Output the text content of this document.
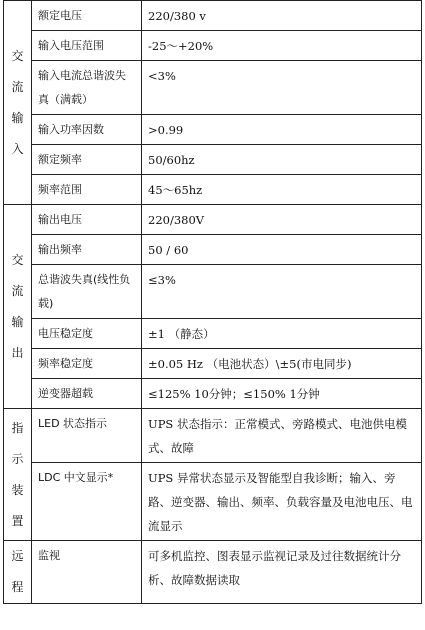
交流输入	额定电压	220/380 v
	输入电压范围	-25～+20%
	输入电流总谐波失真（满载）	<3%
	输入功率因数	>0.99
	额定频率	50/60hz
	频率范围	45～65hz
交流输出	输出电压	220/380V
	输出频率	50 / 60
	总谐波失真(线性负载)	≤3%
	电压稳定度	±1 （静态）
	频率稳定度	±0.05 Hz （电池状态）\±5(市电同步)
	逆变器超载	≤125% 10分钟；≤150% 1分钟
指示装置	LED 状态指示	UPS 状态指示：正常模式、旁路模式、电池供电模式、故障
	LDC 中文显示*	UPS 异常状态显示及智能型自我诊断；输入、旁路、逆变器、输出、频率、负载容量及电池电压、电流显示
远程	监视	可多机监控、图表显示监视记录及过往数据统计分析、故障数据读取
